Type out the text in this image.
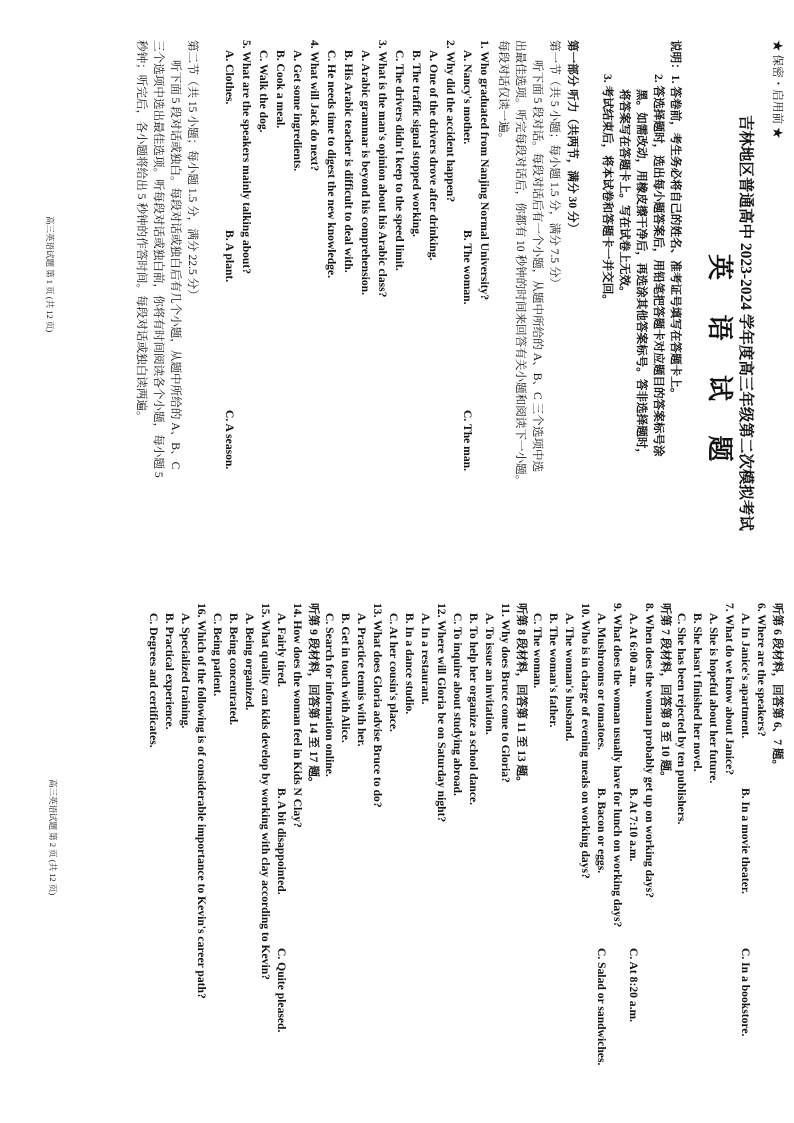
★ 保密・启用前 ★
吉林地区普通高中 2023-2024 学年度高三年级第二次模拟考试
英 语 试 题
说明：1. 答卷前，考生务必将自己的姓名、准考证号填写在答题卡上。
2. 答选择题时，选出每小题答案后，用铅笔把答题卡对应题目的答案标号涂
黑。如需改动，用橡皮擦干净后，再选涂其他答案标号。答非选择题时，
将答案写在答题卡上。写在试卷上无效。
3. 考试结束后，将本试卷和答题卡一并交回。
第一部分 听力（共两节，满分 30 分）
第一节（共 5 小题；每小题 1.5 分，满分 7.5 分）
听下面 5 段对话。每段对话后有一个小题，从题中所给的 A、B、C 三个选项中选
出最佳选项。听完每段对话后，你都有 10 秒钟的时间来回答有关小题和阅读下一小题。
每段对话仅读一遍。
1. Who graduated from Nanjing Normal University?
A. Nancy's mother.
B. The woman.
C. The man.
2. Why did the accident happen?
A. One of the drivers drove after drinking.
B. The traffic signal stopped working.
C. The drivers didn't keep to the speed limit.
3. What is the man's opinion about his Arabic class?
A. Arabic grammar is beyond his comprehension.
B. His Arabic teacher is difficult to deal with.
C. He needs time to digest the new knowledge.
4. What will Jack do next?
A. Get some ingredients.
B. Cook a meal.
C. Walk the dog.
5. What are the speakers mainly talking about?
A. Clothes.
B. A plant.
C. A season.
第二节（共 15 小题；每小题 1.5 分，满分 22.5 分）
听下面 5 段对话或独白。每段对话或独白后有几个小题，从题中所给的 A、B、C
三个选项中选出最佳选项。听每段对话或独白前，你将有时间阅读各个小题，每小题 5
秒钟；听完后，各小题将给出 5 秒钟的作答时间。每段对话或独白读两遍。
高三英语试题 第 1 页 (共 12 页)
听第 6 段材料，回答第 6、7 题。
6. Where are the speakers?
A. In Janice's apartment.
B. In a movie theater.
C. In a bookstore.
7. What do we know about Janice?
A. She is hopeful about her future.
B. She hasn't finished her novel.
C. She has been rejected by ten publishers.
听第 7 段材料，回答第 8 至 10 题。
8. When does the woman probably get up on working days?
A. At 6:00 a.m.
B. At 7:10 a.m.
C. At 8:20 a.m.
9. What does the woman usually have for lunch on working days?
A. Mushrooms or tomatoes.
B. Bacon or eggs.
C. Salad or sandwiches.
10. Who is in charge of evening meals on working days?
A. The woman's husband.
B. The woman's father.
C. The woman.
听第 8 段材料，回答第 11 至 13 题。
11. Why does Bruce come to Gloria?
A. To issue an invitation.
B. To help her organize a school dance.
C. To inquire about studying abroad.
12. Where will Gloria be on Saturday night?
A. In a restaurant.
B. In a dance studio.
C. At her cousin's place.
13. What does Gloria advise Bruce to do?
A. Practice tennis with her.
B. Get in touch with Alice.
C. Search for information online.
听第 9 段材料，回答第 14 至 17 题。
14. How does the woman feel in Kids N Clay?
A. Fairly tired.
B. A bit disappointed.
C. Quite pleased.
15. What quality can kids develop by working with clay according to Kevin?
A. Being organized.
B. Being concentrated.
C. Being patient.
16. Which of the following is of considerable importance to Kevin's career path?
A. Specialized training.
B. Practical experience.
C. Degrees and certificates.
高三英语试题 第 2 页 (共 12 页)
